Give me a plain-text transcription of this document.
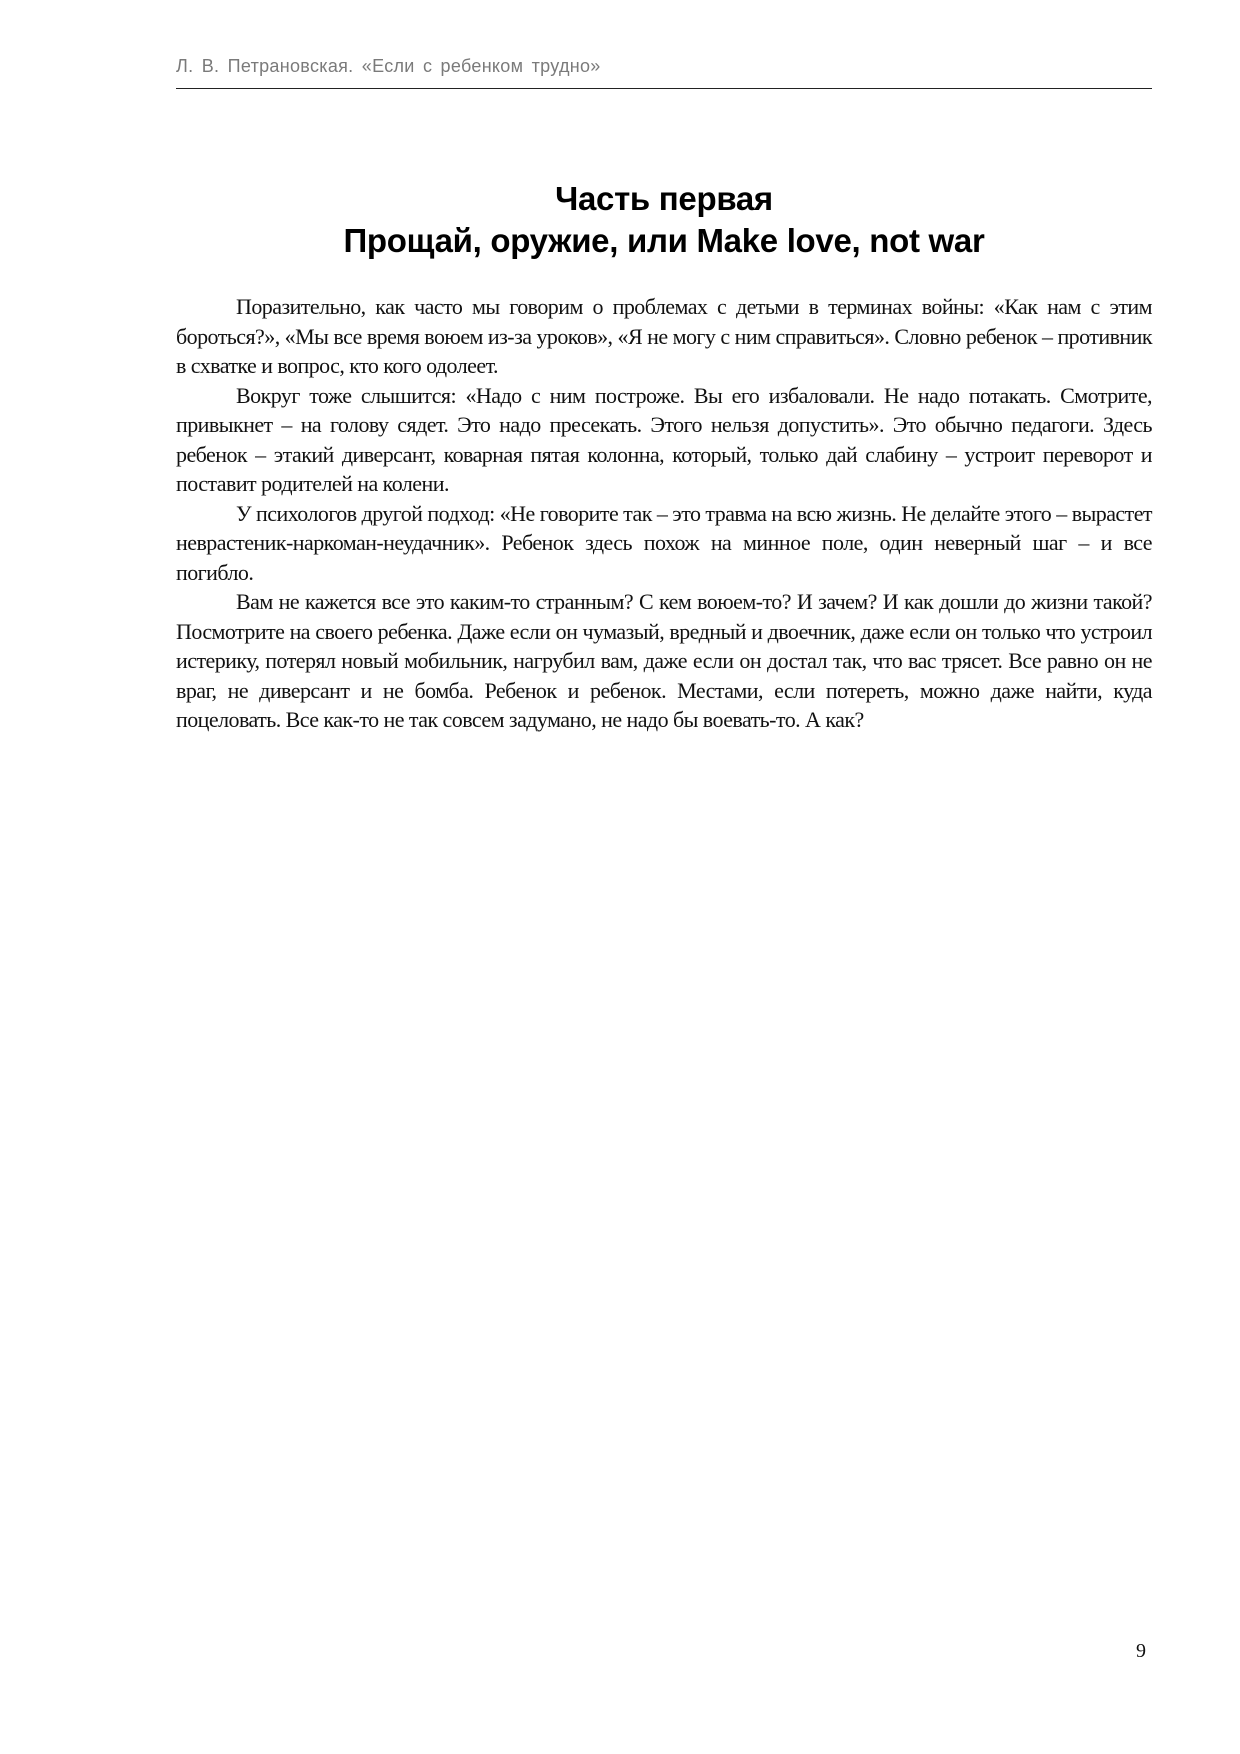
Л. В. Петрановская. «Если с ребенком трудно»
Часть первая
Прощай, оружие, или Make love, not war

Поразительно, как часто мы говорим о проблемах с детьми в терминах войны: «Как нам с этим бороться?», «Мы все время воюем из-за уроков», «Я не могу с ним справиться». Словно ребенок – противник в схватке и вопрос, кто кого одолеет.

Вокруг тоже слышится: «Надо с ним построже. Вы его избаловали. Не надо потакать. Смотрите, привыкнет – на голову сядет. Это надо пресекать. Этого нельзя допустить». Это обычно педагоги. Здесь ребенок – этакий диверсант, коварная пятая колонна, который, только дай слабину – устроит переворот и поставит родителей на колени.

У психологов другой подход: «Не говорите так – это травма на всю жизнь. Не делайте этого – вырастет неврастеник-наркоман-неудачник». Ребенок здесь похож на минное поле, один неверный шаг – и все погибло.

Вам не кажется все это каким-то странным? С кем воюем-то? И зачем? И как дошли до жизни такой? Посмотрите на своего ребенка. Даже если он чумазый, вредный и двоечник, даже если он только что устроил истерику, потерял новый мобильник, нагрубил вам, даже если он достал так, что вас трясет. Все равно он не враг, не диверсант и не бомба. Ребенок и ребенок. Местами, если потереть, можно даже найти, куда поцеловать. Все как-то не так совсем задумано, не надо бы воевать-то. А как?

9
